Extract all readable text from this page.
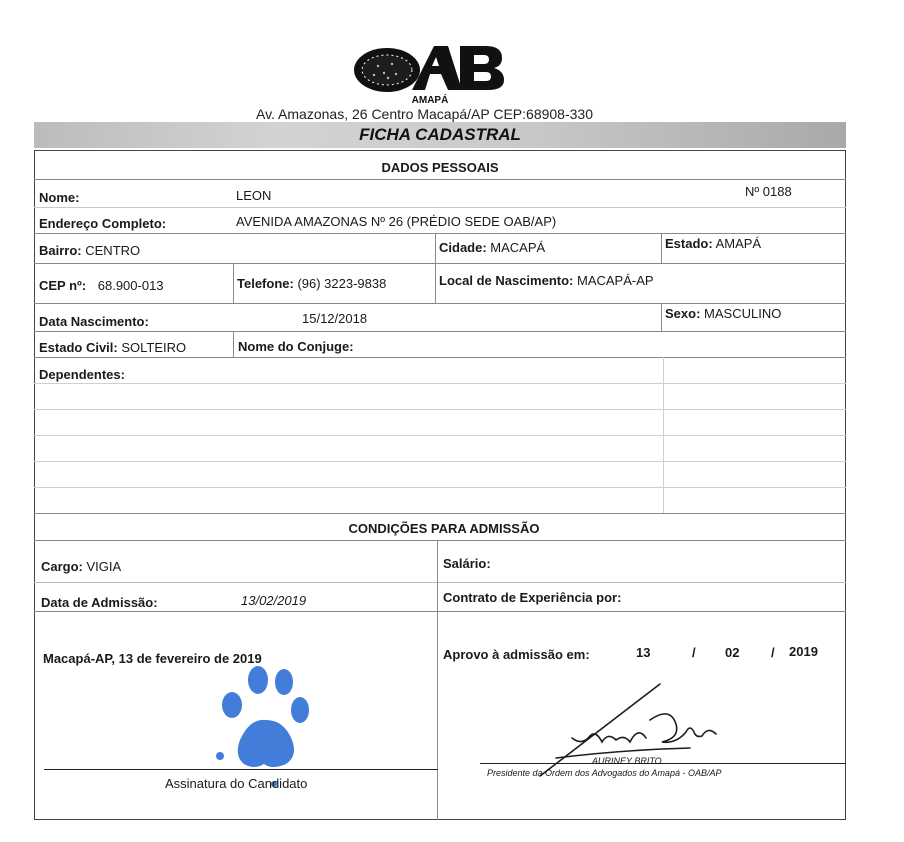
AMAPÁ
Av. Amazonas, 26 Centro Macapá/AP CEP:68908-330
FICHA CADASTRAL
DADOS PESSOAIS
Nome:	LEON	Nº 0188
Endereço Completo:	AVENIDA AMAZONAS Nº 26 (PRÉDIO SEDE OAB/AP)
Bairro: CENTRO	Cidade: MACAPÁ	Estado: AMAPÁ
CEP nº: 68.900-013	Telefone: (96) 3223-9838	Local de Nascimento: MACAPÁ-AP
Data Nascimento:	15/12/2018	Sexo: MASCULINO
Estado Civil: SOLTEIRO	Nome do Conjuge:
Dependentes:
CONDIÇÕES PARA ADMISSÃO
Cargo: VIGIA	Salário:
Data de Admissão:	13/02/2019	Contrato de Experiência por:
Macapá-AP, 13 de fevereiro de 2019	Aprovo à admissão em:	13	/ 02 / 2019
Assinatura do Candidato
AURINEY BRITO
Presidente da Ordem dos Advogados do Amapá - OAB/AP
